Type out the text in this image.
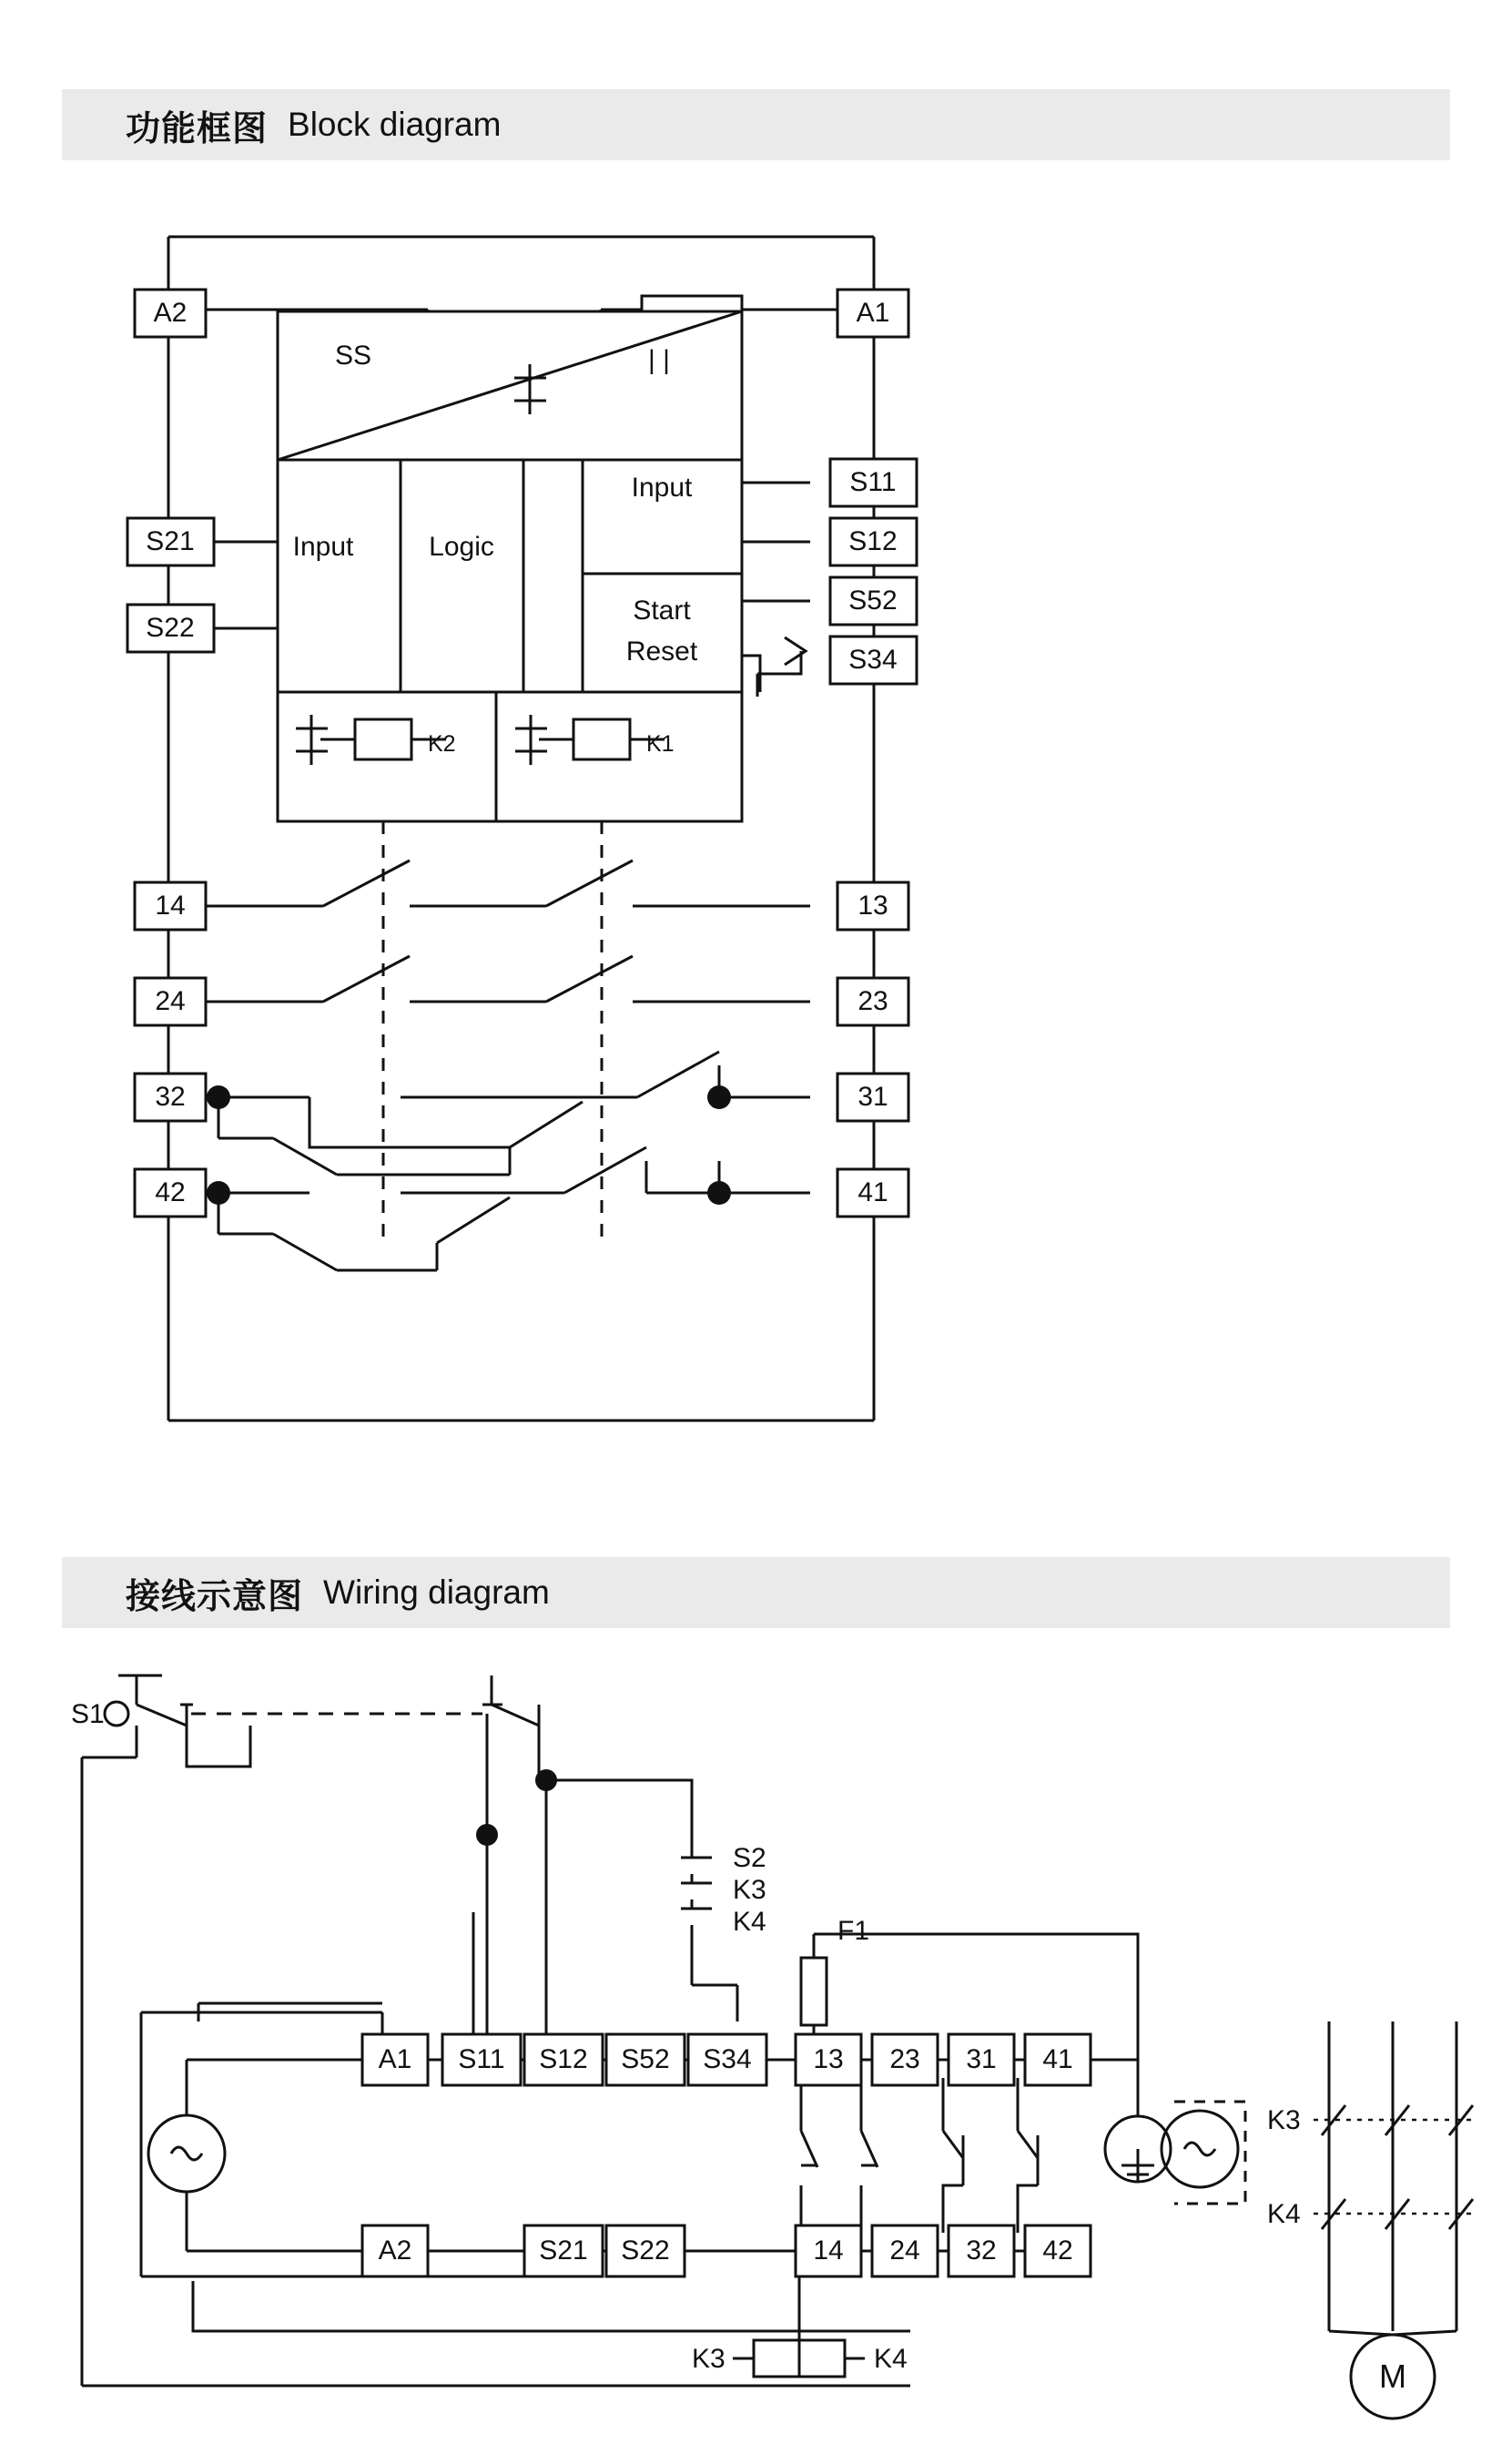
功能框图 Block diagram
SS	| |
Input	Logic
Input
Start
Reset
K2	K1
A2
S21
S22
14
24
32
42
A1
S11
S12
S52
S34
13
23
31
41
接线示意图 Wiring diagram
S2
K3
K4	F1
S1
K3	K4
K3
K4
M
A1 S11 S12 S52 S34 13 23 31 41
A2	S21 S22	14 24 32 42
